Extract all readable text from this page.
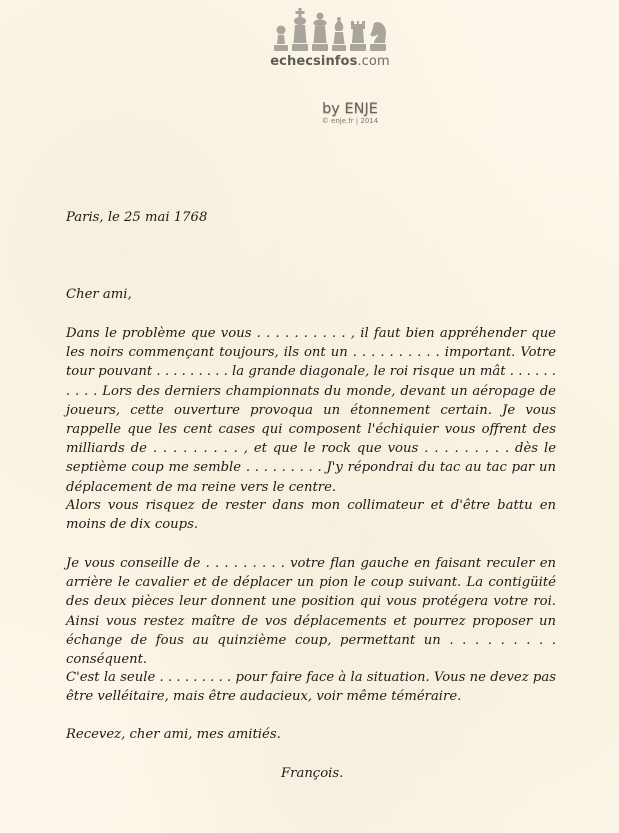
echecsinfos.com
by ENJE
© enje.fr | 2014

Paris, le 25 mai 1768

Cher ami,

Dans le problème que vous . . . . . . . . . . , il faut bien appréhender que les noirs commençant toujours, ils ont un . . . . . . . . . . important. Votre tour pouvant . . . . . . . . . la grande diagonale, le roi risque un mât . . . . . . . . . . Lors des derniers championnats du monde, devant un aéropage de joueurs, cette ouverture provoqua un étonnement certain. Je vous rappelle que les cent cases qui composent l'échiquier vous offrent des milliards de . . . . . . . . . , et que le rock que vous . . . . . . . . . dès le septième coup me semble . . . . . . . . . J'y répondrai du tac au tac par un déplacement de ma reine vers le centre.

Alors vous risquez de rester dans mon collimateur et d'être battu en moins de dix coups.

Je vous conseille de . . . . . . . . . votre flan gauche en faisant reculer en arrière le cavalier et de déplacer un pion le coup suivant. La contigüité des deux pièces leur donnent une position qui vous protégera votre roi. Ainsi vous restez maître de vos déplacements et pourrez proposer un échange de fous au quinzième coup, permettant un . . . . . . . . . conséquent.

C'est la seule . . . . . . . . . pour faire face à la situation. Vous ne devez pas être velléitaire, mais être audacieux, voir même téméraire.

Recevez, cher ami, mes amitiés.

François.
